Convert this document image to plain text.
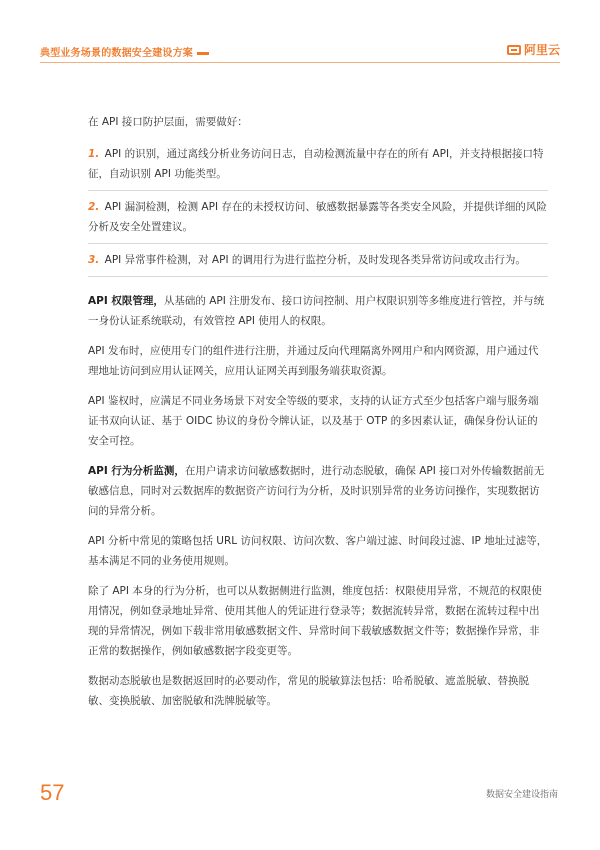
典型业务场景的数据安全建设方案	阿里云

在 API 接口防护层面，需要做好：

1. API 的识别，通过离线分析业务访问日志，自动检测流量中存在的所有 API，并支持根据接口特征，自动识别 API 功能类型。
2. API 漏洞检测，检测 API 存在的未授权访问、敏感数据暴露等各类安全风险，并提供详细的风险分析及安全处置建议。
3. API 异常事件检测，对 API 的调用行为进行监控分析，及时发现各类异常访问或攻击行为。

API 权限管理，从基础的 API 注册发布、接口访问控制、用户权限识别等多维度进行管控，并与统一身份认证系统联动，有效管控 API 使用人的权限。

API 发布时，应使用专门的组件进行注册，并通过反向代理隔离外网用户和内网资源，用户通过代理地址访问到应用认证网关，应用认证网关再到服务端获取资源。

API 鉴权时，应满足不同业务场景下对安全等级的要求，支持的认证方式至少包括客户端与服务端证书双向认证、基于 OIDC 协议的身份令牌认证，以及基于 OTP 的多因素认证，确保身份认证的安全可控。

API 行为分析监测，在用户请求访问敏感数据时，进行动态脱敏，确保 API 接口对外传输数据前无敏感信息，同时对云数据库的数据资产访问行为分析，及时识别异常的业务访问操作，实现数据访问的异常分析。

API 分析中常见的策略包括 URL 访问权限、访问次数、客户端过滤、时间段过滤、IP 地址过滤等，基本满足不同的业务使用规则。

除了 API 本身的行为分析，也可以从数据侧进行监测，维度包括：权限使用异常，不规范的权限使用情况，例如登录地址异常、使用其他人的凭证进行登录等；数据流转异常，数据在流转过程中出现的异常情况，例如下载非常用敏感数据文件、异常时间下载敏感数据文件等；数据操作异常，非正常的数据操作，例如敏感数据字段变更等。

数据动态脱敏也是数据返回时的必要动作，常见的脱敏算法包括：哈希脱敏、遮盖脱敏、替换脱敏、变换脱敏、加密脱敏和洗牌脱敏等。

57	数据安全建设指南
